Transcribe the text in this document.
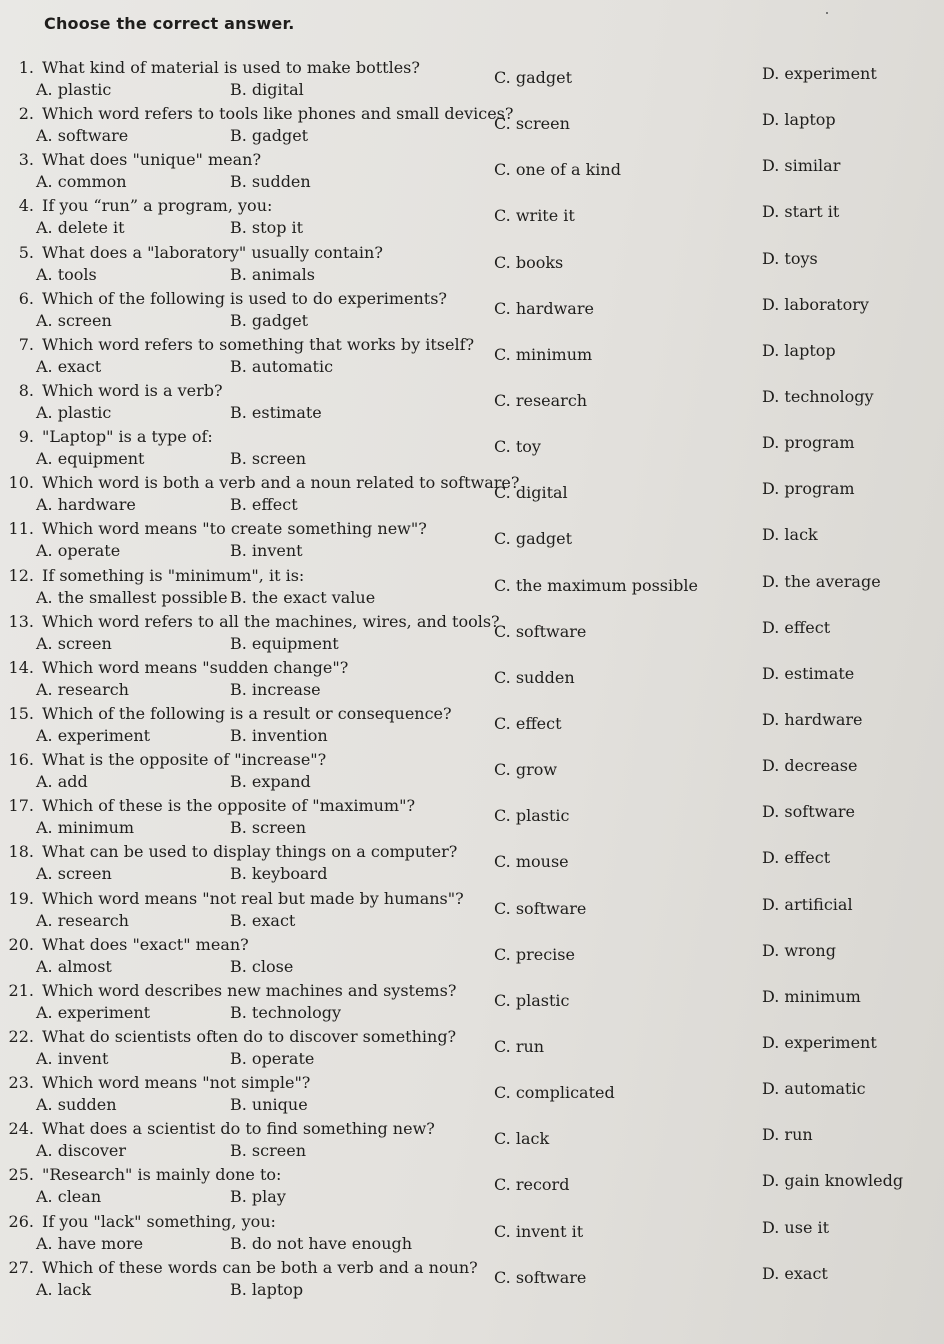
Choose the correct answer.
1. What kind of material is used to make bottles?
A. plastic	B. digital
C. gadget	D. experiment
2. Which word refers to tools like phones and small devices?
A. software	B. gadget
C. screen	D. laptop
3. What does "unique" mean?
A. common	B. sudden
C. one of a kind	D. similar
4. If you “run” a program, you:
A. delete it	B. stop it
C. write it	D. start it
5. What does a "laboratory" usually contain?
A. tools	B. animals
C. books	D. toys
6. Which of the following is used to do experiments?
A. screen	B. gadget
C. hardware	D. laboratory
7. Which word refers to something that works by itself?
A. exact	B. automatic
C. minimum	D. laptop
8. Which word is a verb?
A. plastic	B. estimate
C. research	D. technology
9. "Laptop" is a type of:
A. equipment	B. screen
C. toy	D. program
10. Which word is both a verb and a noun related to software?
A. hardware	B. effect
C. digital	D. program
11. Which word means "to create something new"?
A. operate	B. invent
C. gadget	D. lack
12. If something is "minimum", it is:
A. the smallest possible B. the exact value
C. the maximum possible	D. the average
13. Which word refers to all the machines, wires, and tools?
A. screen	B. equipment
C. software	D. effect
14. Which word means "sudden change"?
A. research	B. increase
C. sudden	D. estimate
15. Which of the following is a result or consequence?
A. experiment	B. invention
C. effect	D. hardware
16. What is the opposite of "increase"?
A. add	B. expand
C. grow	D. decrease
17. Which of these is the opposite of "maximum"?
A. minimum	B. screen
C. plastic	D. software
18. What can be used to display things on a computer?
A. screen	B. keyboard
C. mouse	D. effect
19. Which word means "not real but made by humans"?
A. research	B. exact
C. software	D. artificial
20. What does "exact" mean?
A. almost	B. close
C. precise	D. wrong
21. Which word describes new machines and systems?
A. experiment	B. technology
C. plastic	D. minimum
22. What do scientists often do to discover something?
A. invent	B. operate
C. run	D. experiment
23. Which word means "not simple"?
A. sudden	B. unique
C. complicated	D. automatic
24. What does a scientist do to find something new?
A. discover	B. screen
C. lack	D. run
25. "Research" is mainly done to:
A. clean	B. play
C. record	D. gain knowledg
26. If you "lack" something, you:
A. have more	B. do not have enough
C. invent it	D. use it
27. Which of these words can be both a verb and a noun?
A. lack	B. laptop
C. software	D. exact
